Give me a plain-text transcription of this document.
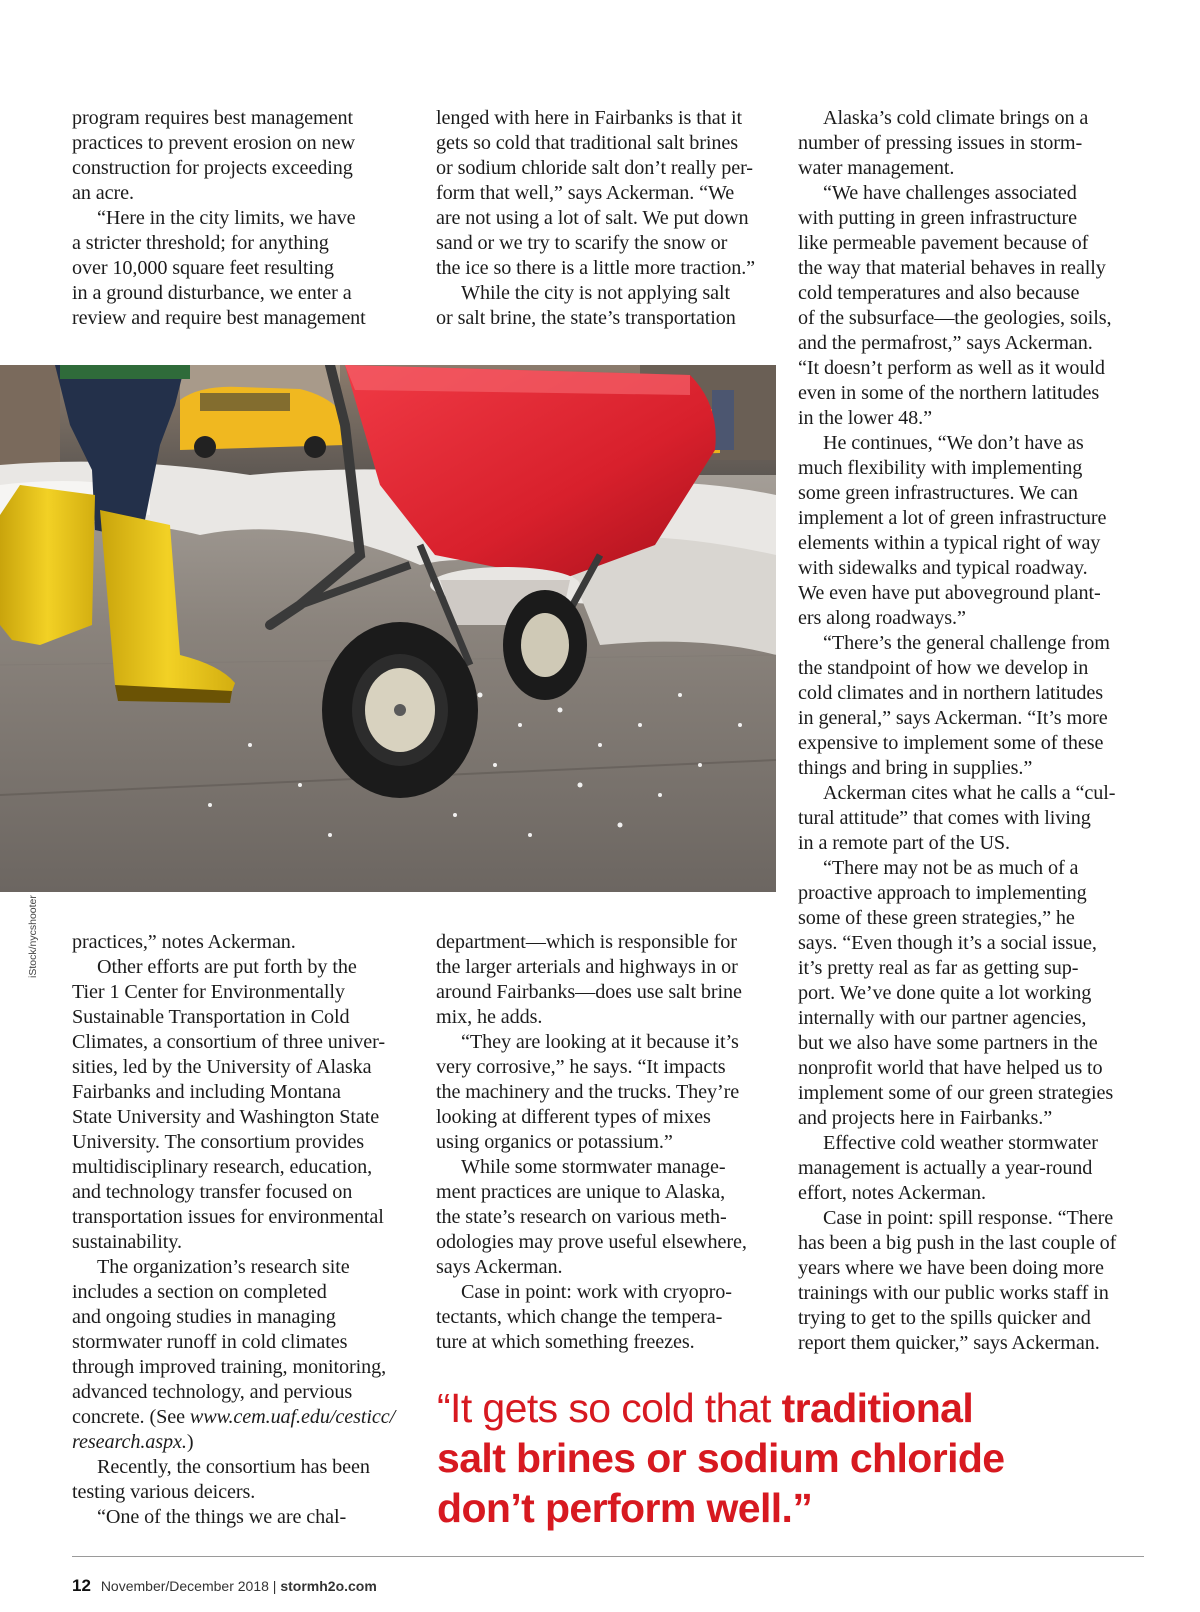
program requires best management
practices to prevent erosion on new
construction for projects exceeding
an acre.

“Here in the city limits, we have
a stricter threshold; for anything
over 10,000 square feet resulting
in a ground disturbance, we enter a
review and require best management

lenged with here in Fairbanks is that it
gets so cold that traditional salt brines
or sodium chloride salt don’t really per-
form that well,” says Ackerman. “We
are not using a lot of salt. We put down
sand or we try to scarify the snow or
the ice so there is a little more traction.”

While the city is not applying salt
or salt brine, the state’s transportation

practices,” notes Ackerman.

Other efforts are put forth by the
Tier 1 Center for Environmentally
Sustainable Transportation in Cold
Climates, a consortium of three univer-
sities, led by the University of Alaska
Fairbanks and including Montana
State University and Washington State
University. The consortium provides
multidisciplinary research, education,
and technology transfer focused on
transportation issues for environmental
sustainability.

The organization’s research site
includes a section on completed
and ongoing studies in managing
stormwater runoff in cold climates
through improved training, monitoring,
advanced technology, and pervious

concrete. (See www.cem.uaf.edu/cesticc/
research.aspx.)

Recently, the consortium has been
testing various deicers.

“One of the things we are chal-

department—which is responsible for
the larger arterials and highways in or
around Fairbanks—does use salt brine
mix, he adds.

“They are looking at it because it’s
very corrosive,” he says. “It impacts
the machinery and the trucks. They’re
looking at different types of mixes
using organics or potassium.”

While some stormwater manage-
ment practices are unique to Alaska,
the state’s research on various meth-
odologies may prove useful elsewhere,
says Ackerman.

Case in point: work with cryopro-
tectants, which change the tempera-
ture at which something freezes.

Alaska’s cold climate brings on a
number of pressing issues in storm-
water management.

“We have challenges associated
with putting in green infrastructure
like permeable pavement because of
the way that material behaves in really
cold temperatures and also because
of the subsurface—the geologies, soils,
and the permafrost,” says Ackerman.
“It doesn’t perform as well as it would
even in some of the northern latitudes
in the lower 48.”

He continues, “We don’t have as
much flexibility with implementing
some green infrastructures. We can
implement a lot of green infrastructure
elements within a typical right of way
with sidewalks and typical roadway.
We even have put aboveground plant-
ers along roadways.”

“There’s the general challenge from
the standpoint of how we develop in
cold climates and in northern latitudes
in general,” says Ackerman. “It’s more
expensive to implement some of these
things and bring in supplies.”

Ackerman cites what he calls a “cul-
tural attitude” that comes with living
in a remote part of the US.

“There may not be as much of a
proactive approach to implementing
some of these green strategies,” he
says. “Even though it’s a social issue,
it’s pretty real as far as getting sup-
port. We’ve done quite a lot working
internally with our partner agencies,
but we also have some partners in the
nonprofit world that have helped us to
implement some of our green strategies
and projects here in Fairbanks.”

Effective cold weather stormwater
management is actually a year-round
effort, notes Ackerman.

Case in point: spill response. “There
has been a big push in the last couple of
years where we have been doing more
trainings with our public works staff in
trying to get to the spills quicker and
report them quicker,” says Ackerman.

iStock/nycshooter
“It gets so cold that traditional
salt brines or sodium chloride
don’t perform well.”
12 November/December 2018 | stormh2o.com
